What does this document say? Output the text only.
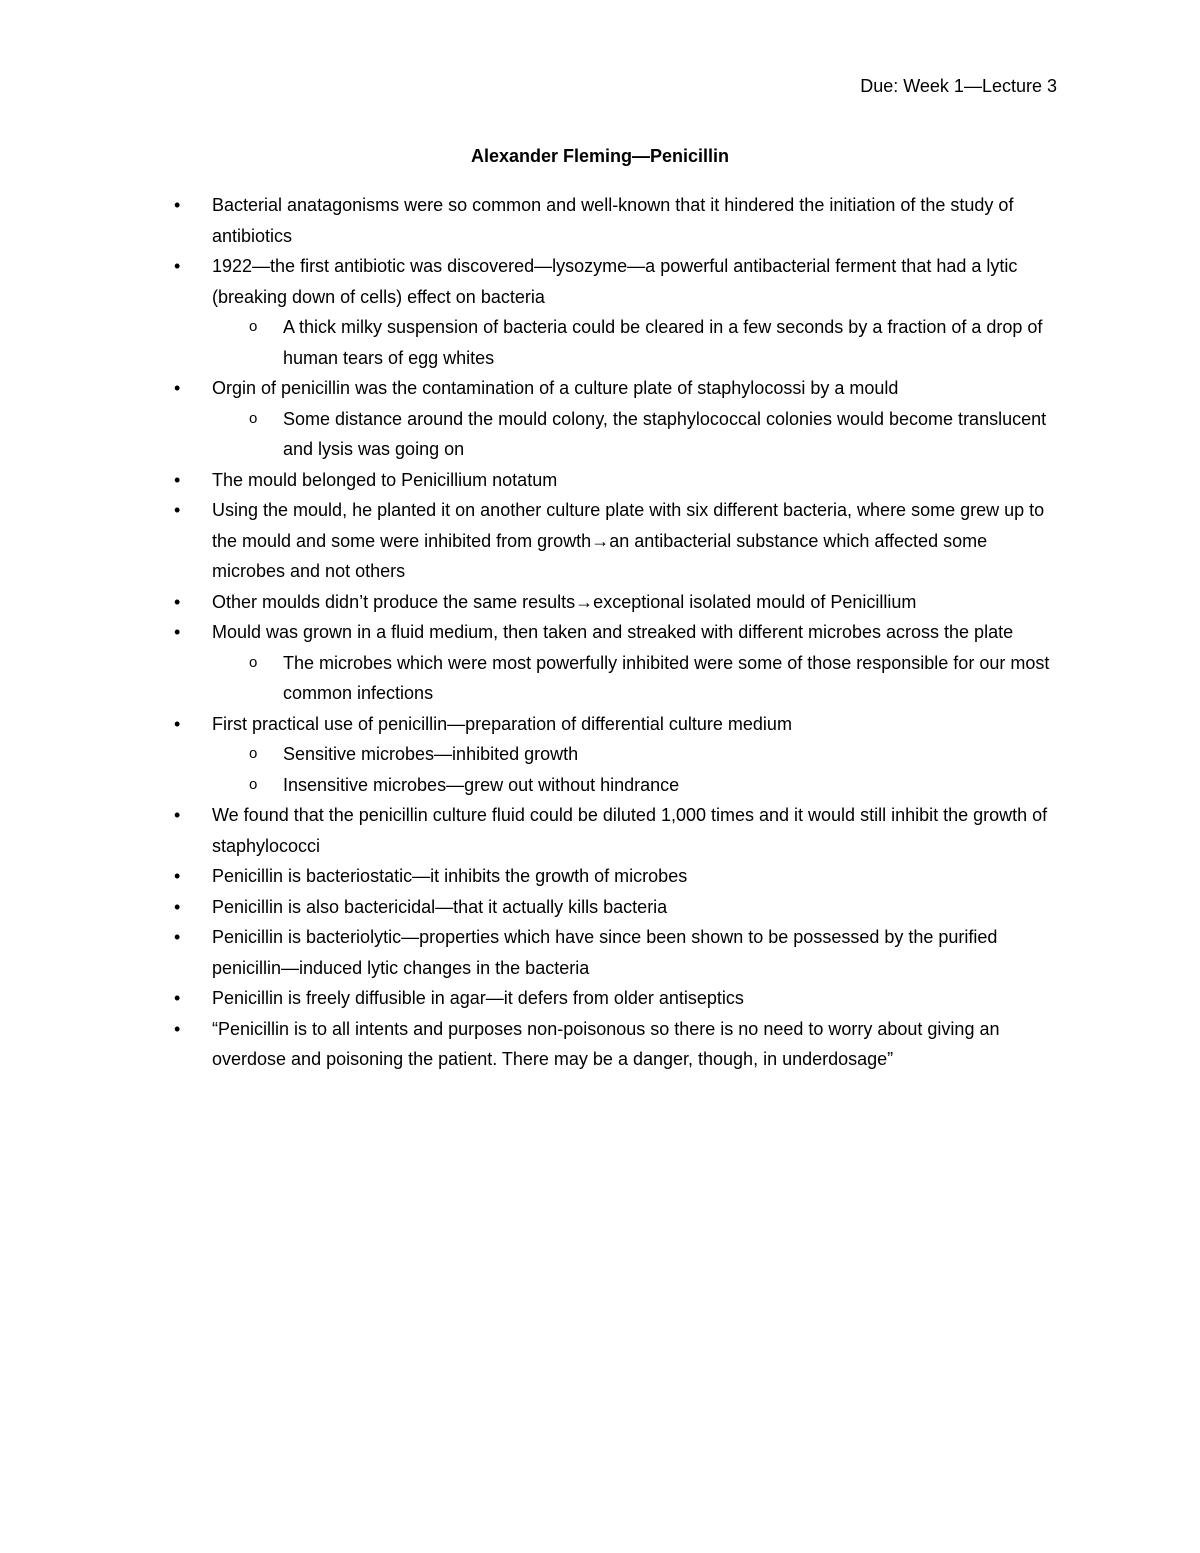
Due: Week 1—Lecture 3
Alexander Fleming—Penicillin
• Bacterial anatagonisms were so common and well-known that it hindered the initiation of the study of antibiotics
• 1922—the first antibiotic was discovered—lysozyme—a powerful antibacterial ferment that had a lytic (breaking down of cells) effect on bacteria
o A thick milky suspension of bacteria could be cleared in a few seconds by a fraction of a drop of human tears of egg whites
• Orgin of penicillin was the contamination of a culture plate of staphylocossi by a mould
o Some distance around the mould colony, the staphylococcal colonies would become translucent and lysis was going on
• The mould belonged to Penicillium notatum
• Using the mould, he planted it on another culture plate with six different bacteria, where some grew up to the mould and some were inhibited from growth→an antibacterial substance which affected some microbes and not others
• Other moulds didn’t produce the same results→exceptional isolated mould of Penicillium
• Mould was grown in a fluid medium, then taken and streaked with different microbes across the plate
o The microbes which were most powerfully inhibited were some of those responsible for our most common infections
• First practical use of penicillin—preparation of differential culture medium
o Sensitive microbes—inhibited growth
o Insensitive microbes—grew out without hindrance
• We found that the penicillin culture fluid could be diluted 1,000 times and it would still inhibit the growth of staphylococci
• Penicillin is bacteriostatic—it inhibits the growth of microbes
• Penicillin is also bactericidal—that it actually kills bacteria
• Penicillin is bacteriolytic—properties which have since been shown to be possessed by the purified penicillin—induced lytic changes in the bacteria
• Penicillin is freely diffusible in agar—it defers from older antiseptics
• “Penicillin is to all intents and purposes non-poisonous so there is no need to worry about giving an overdose and poisoning the patient. There may be a danger, though, in underdosage”
